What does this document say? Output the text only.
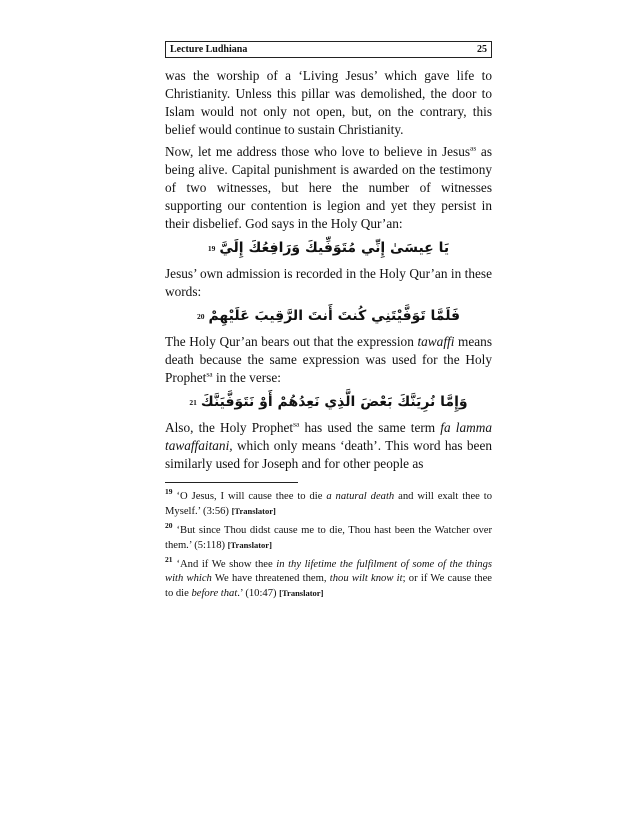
Lecture Ludhiana	25

was the worship of a ‘Living Jesus’ which gave life to Christianity. Unless this pillar was demolished, the door to Islam would not only not open, but, on the contrary, this belief would continue to sustain Christianity.

Now, let me address those who love to believe in Jesus$^{as}$ as being alive. Capital punishment is awarded on the testimony of two witnesses, but here the number of witnesses supporting our contention is legion and yet they persist in their disbelief. God says in the Holy Qur’an:

يَا عِيسَىٰ إِنِّي مُتَوَفِّيكَ وَرَافِعُكَ إِلَيَّ
19

Jesus’ own admission is recorded in the Holy Qur’an in these words:

فَلَمَّا تَوَفَّيْتَنِي كُنتَ أَنتَ الرَّقِيبَ عَلَيْهِمْ
20

The Holy Qur’an bears out that the expression tawaffi means death because the same expression was used for the Holy Prophet$^{sa}$ in the verse:

وَإِمَّا نُرِيَنَّكَ بَعْضَ الَّذِي نَعِدُهُمْ أَوْ نَتَوَفَّيَنَّكَ
21

Also, the Holy Prophet$^{sa}$ has used the same term fa lamma tawaffaitani, which only means ‘death’. This word has been similarly used for Joseph and for other people as

$^{19}$ ‘O Jesus, I will cause thee to die a natural death and will exalt thee to Myself.’ (3:56) [Translator]

$^{20}$ ‘But since Thou didst cause me to die, Thou hast been the Watcher over them.’ (5:118) [Translator]

$^{21}$ ‘And if We show thee in thy lifetime the fulfilment of some of the things with which We have threatened them, thou wilt know it; or if We cause thee to die before that.’ (10:47) [Translator]
